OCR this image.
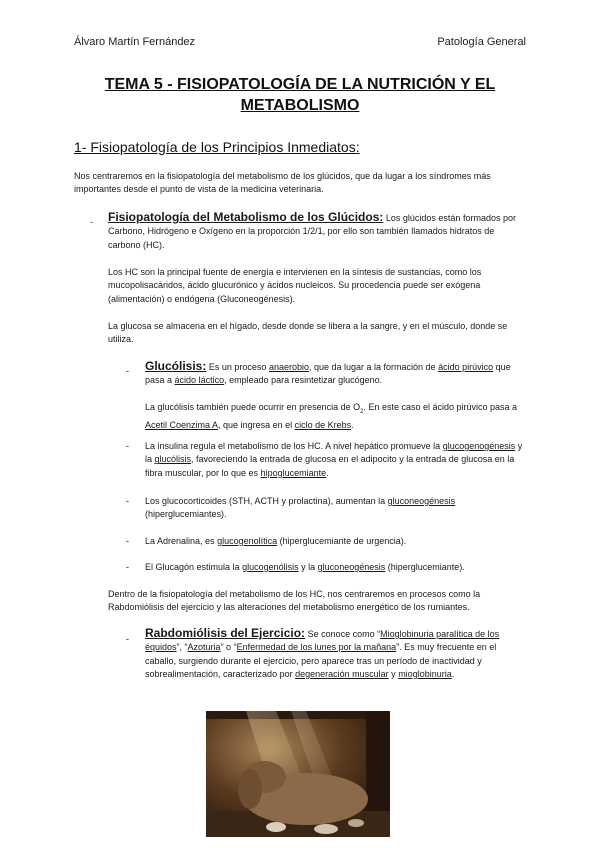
Álvaro Martín Fernández	Patología General
TEMA 5 - FISIOPATOLOGÍA DE LA NUTRICIÓN Y EL METABOLISMO
1- Fisiopatología de los Principios Inmediatos:
Nos centraremos en la fisiopatología del metabolismo de los glúcidos, que da lugar a los síndromes más importantes desde el punto de vista de la medicina veterinaria.
- Fisiopatología del Metabolismo de los Glúcidos: Los glúcidos están formados por Carbono, Hidrógeno e Oxígeno en la proporción 1/2/1, por ello son también llamados hidratos de carbono (HC).
Los HC son la principal fuente de energía e intervienen en la síntesis de sustancias, como los mucopolisacáridos, ácido glucurónico y ácidos nucleicos. Su procedencia puede ser exógena (alimentación) o endógena (Gluconeogénesis).
La glucosa se almacena en el hígado, desde donde se libera a la sangre, y en el músculo, donde se utiliza.
- Glucólisis: Es un proceso anaerobio, que da lugar a la formación de ácido pirúvico que pasa a ácido láctico, empleado para resintetizar glucógeno.
La glucólisis también puede ocurrir en presencia de $O_2$. En este caso el ácido pirúvico pasa a Acetil Coenzima A, que ingresa en el ciclo de Krebs.
- La insulina regula el metabolismo de los HC. A nivel hepático promueve la glucogenogénesis y la glucólisis, favoreciendo la entrada de glucosa en el adipocito y la entrada de glucosa en la fibra muscular, por lo que es hipoglucemiante.
- Los glucocorticoides (STH, ACTH y prolactina), aumentan la gluconeogénesis (hiperglucemiantes).
- La Adrenalina, es glucogenolítica (hiperglucemiante de urgencia).
- El Glucagón estimula la glucogenólisis y la gluconeogénesis (hiperglucemiante).
Dentro de la fisiopatología del metabolismo de los HC, nos centraremos en procesos como la Rabdomiólisis del ejercicio y las alteraciones del metabolismo energético de los rumiantes.
- Rabdomiólisis del Ejercicio: Se conoce como “Mioglobinuria paralítica de los équidos”, “Azoturia” o “Enfermedad de los lunes por la mañana”. Es muy frecuente en el caballo, surgiendo durante el ejercicio, pero aparece tras un período de inactividad y sobrealimentación, caracterizado por degeneración muscular y mioglobinuria.
